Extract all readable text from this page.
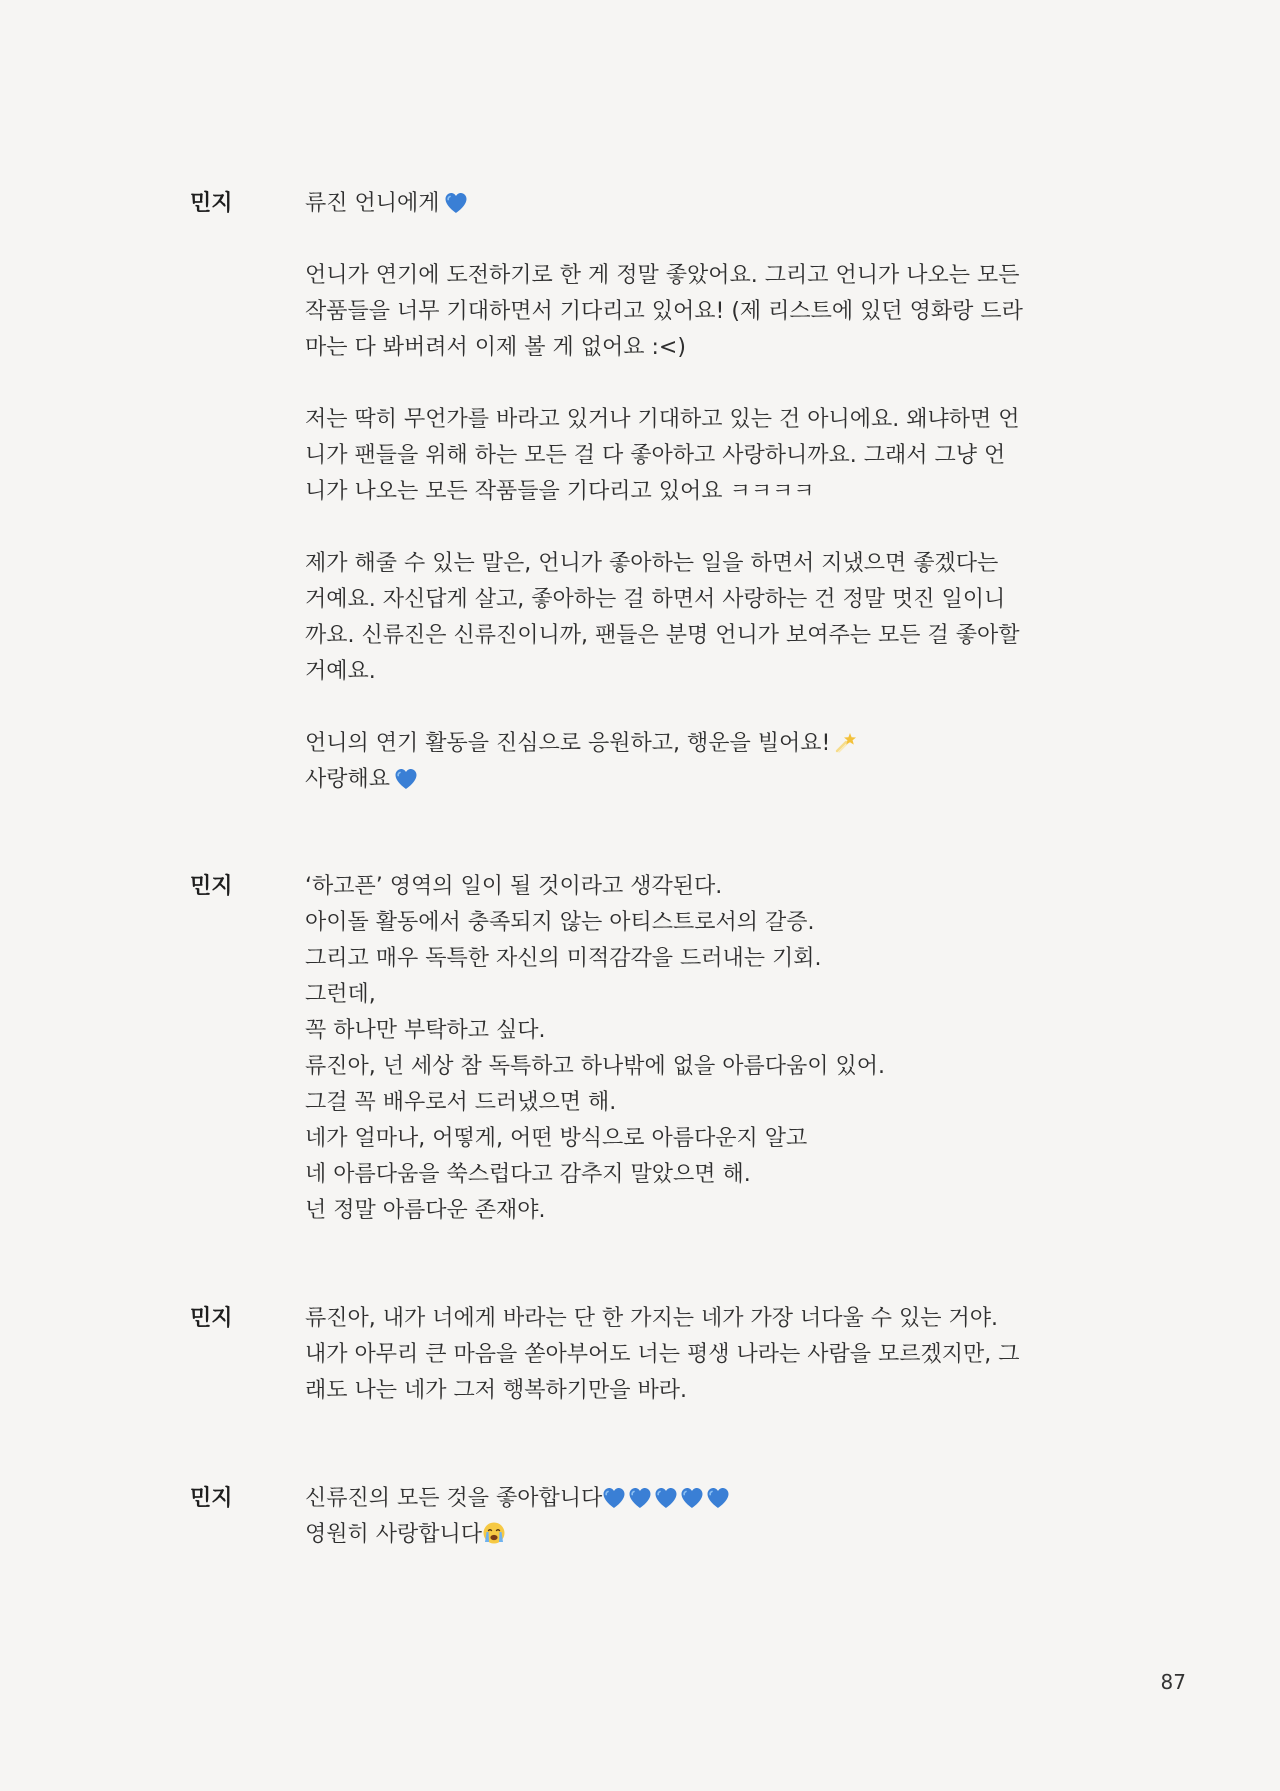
민지	류진 언니에게
언니가 연기에 도전하기로 한 게 정말 좋았어요. 그리고 언니가 나오는 모든
작품들을 너무 기대하면서 기다리고 있어요! (제 리스트에 있던 영화랑 드라
마는 다 봐버려서 이제 볼 게 없어요 :<)
저는 딱히 무언가를 바라고 있거나 기대하고 있는 건 아니에요. 왜냐하면 언
니가 팬들을 위해 하는 모든 걸 다 좋아하고 사랑하니까요. 그래서 그냥 언
니가 나오는 모든 작품들을 기다리고 있어요 ㅋㅋㅋㅋ
제가 해줄 수 있는 말은, 언니가 좋아하는 일을 하면서 지냈으면 좋겠다는
거예요. 자신답게 살고, 좋아하는 걸 하면서 사랑하는 건 정말 멋진 일이니
까요. 신류진은 신류진이니까, 팬들은 분명 언니가 보여주는 모든 걸 좋아할
거예요.
언니의 연기 활동을 진심으로 응원하고, 행운을 빌어요!
사랑해요
민지	‘하고픈’ 영역의 일이 될 것이라고 생각된다.
아이돌 활동에서 충족되지 않는 아티스트로서의 갈증.
그리고 매우 독특한 자신의 미적감각을 드러내는 기회.
그런데,
꼭 하나만 부탁하고 싶다.
류진아, 넌 세상 참 독특하고 하나밖에 없을 아름다움이 있어.
그걸 꼭 배우로서 드러냈으면 해.
네가 얼마나, 어떻게, 어떤 방식으로 아름다운지 알고
네 아름다움을 쑥스럽다고 감추지 말았으면 해.
넌 정말 아름다운 존재야.
민지	류진아, 내가 너에게 바라는 단 한 가지는 네가 가장 너다울 수 있는 거야.
내가 아무리 큰 마음을 쏟아부어도 너는 평생 나라는 사람을 모르겠지만, 그
래도 나는 네가 그저 행복하기만을 바라.
민지	신류진의 모든 것을 좋아합니다
영원히 사랑합니다
87
